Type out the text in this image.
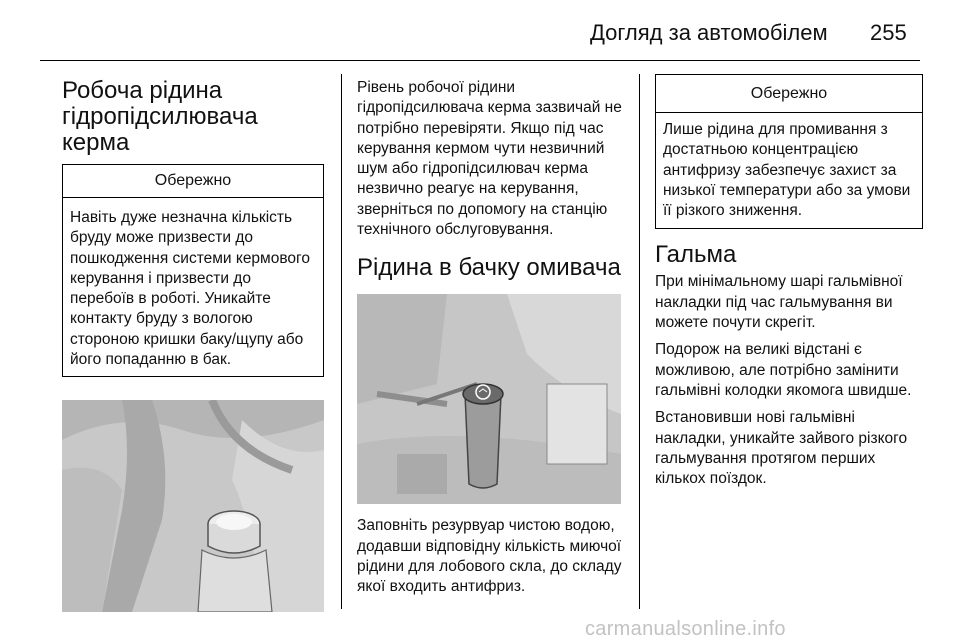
Догляд за автомобілем 255
Робоча рідина
гідропідсилювача керма
Обережно
Навіть дуже незначна кількість бруду може призвести до пошкодження системи кермового керування і призвести до перебоїв в роботі. Уникайте контакту бруду з вологою стороною кришки баку/щупу або його попаданню в бак.

Рівень робочої рідини гідропідсилювача керма зазвичай не потрібно перевіряти. Якщо під час керування кермом чути незвичний шум або гідропідсилювач керма незвично реагує на керування, зверніться по допомогу на станцію технічного обслуговування.

Рідина в бачку омивача

Заповніть резурвуар чистою водою, додавши відповідну кількість миючої рідини для лобового скла, до складу якої входить антифриз.

Обережно
Лише рідина для промивання з достатньою концентрацією антифризу забезпечує захист за низької температури або за умови її різкого зниження.
Гальма

При мінімальному шарі гальмівної накладки під час гальмування ви можете почути скрегіт.

Подорож на великі відстані є можливою, але потрібно замінити гальмівні колодки якомога швидше.

Встановивши нові гальмівні накладки, уникайте зайвого різкого гальмування протягом перших кількох поїздок.

carmanualsonline.info
